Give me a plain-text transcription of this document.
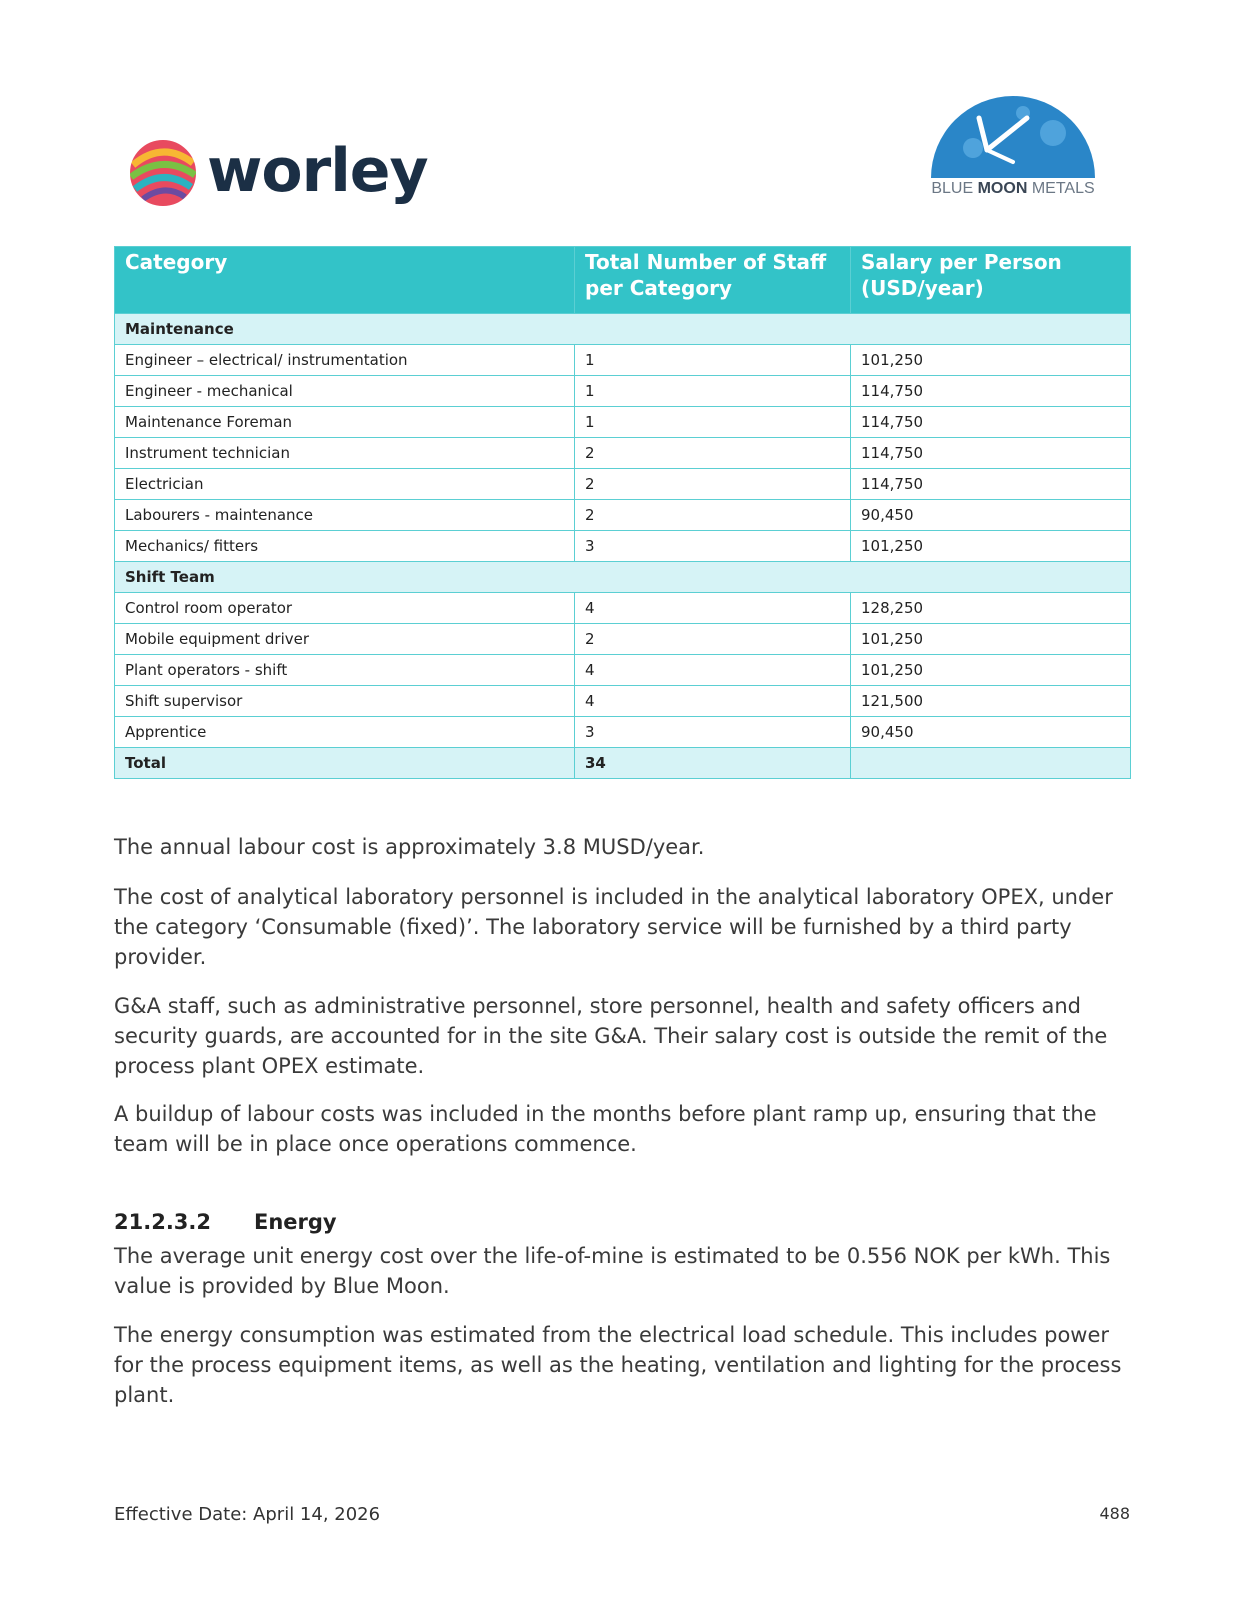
worley	BLUE MOON METALS
Category	Total Number of Staff per Category	Salary per Person (USD/year)
Maintenance		
Engineer – electrical/ instrumentation	1	101,250
Engineer - mechanical	1	114,750
Maintenance Foreman	1	114,750
Instrument technician	2	114,750
Electrician	2	114,750
Labourers - maintenance	2	90,450
Mechanics/ fitters	3	101,250
Shift Team		
Control room operator	4	128,250
Mobile equipment driver	2	101,250
Plant operators - shift	4	101,250
Shift supervisor	4	121,500
Apprentice	3	90,450
Total	34	

The annual labour cost is approximately 3.8 MUSD/year.

The cost of analytical laboratory personnel is included in the analytical laboratory OPEX, under the category ‘Consumable (fixed)’. The laboratory service will be furnished by a third party provider.

G&A staff, such as administrative personnel, store personnel, health and safety officers and security guards, are accounted for in the site G&A. Their salary cost is outside the remit of the process plant OPEX estimate.

A buildup of labour costs was included in the months before plant ramp up, ensuring that the team will be in place once operations commence.

21.2.3.2 Energy

The average unit energy cost over the life-of-mine is estimated to be 0.556 NOK per kWh. This value is provided by Blue Moon.

The energy consumption was estimated from the electrical load schedule. This includes power for the process equipment items, as well as the heating, ventilation and lighting for the process plant.

Effective Date: April 14, 2026	488
